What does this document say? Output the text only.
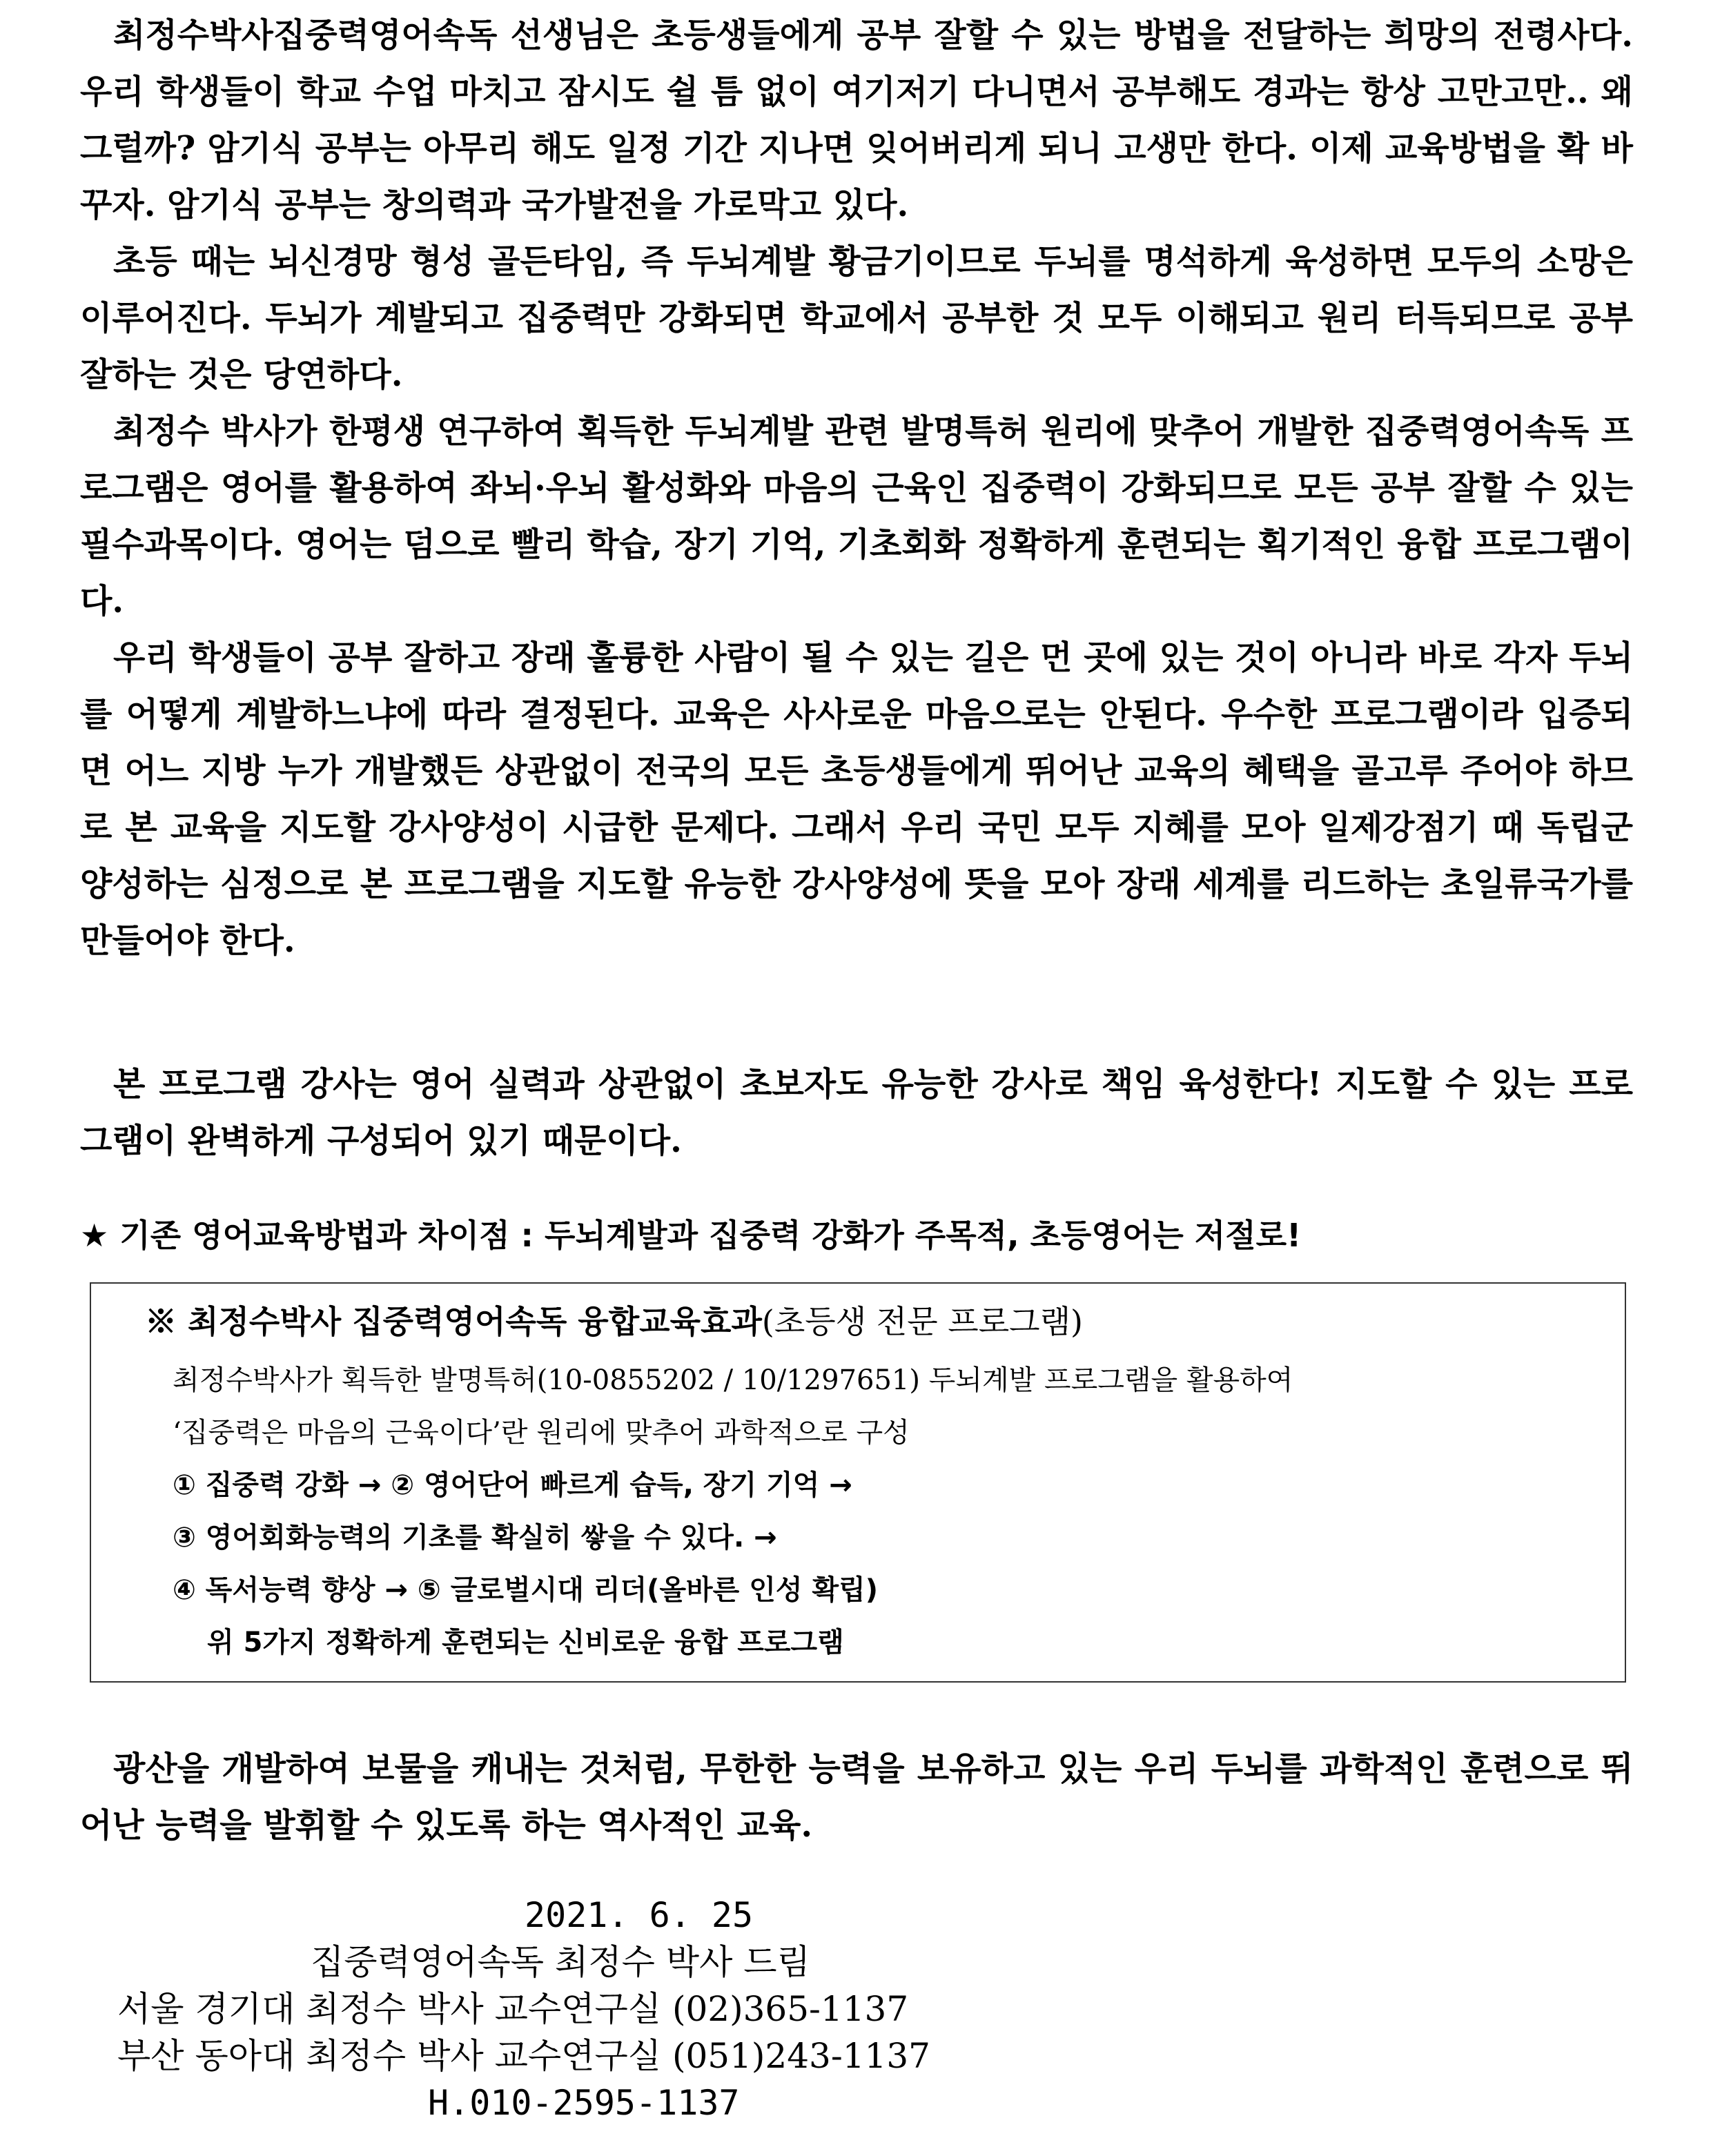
최정수박사집중력영어속독 선생님은 초등생들에게 공부 잘할 수 있는 방법을 전달하는 희망의 전령사다. 우리 학생들이 학교 수업 마치고 잠시도 쉴 틈 없이 여기저기 다니면서 공부해도 경과는 항상 고만고만.. 왜 그럴까? 암기식 공부는 아무리 해도 일정 기간 지나면 잊어버리게 되니 고생만 한다. 이제 교육방법을 확 바꾸자. 암기식 공부는 창의력과 국가발전을 가로막고 있다.

초등 때는 뇌신경망 형성 골든타임, 즉 두뇌계발 황금기이므로 두뇌를 명석하게 육성하면 모두의 소망은 이루어진다. 두뇌가 계발되고 집중력만 강화되면 학교에서 공부한 것 모두 이해되고 원리 터득되므로 공부 잘하는 것은 당연하다.

최정수 박사가 한평생 연구하여 획득한 두뇌계발 관련 발명특허 원리에 맞추어 개발한 집중력영어속독 프로그램은 영어를 활용하여 좌뇌·우뇌 활성화와 마음의 근육인 집중력이 강화되므로 모든 공부 잘할 수 있는 필수과목이다. 영어는 덤으로 빨리 학습, 장기 기억, 기초회화 정확하게 훈련되는 획기적인 융합 프로그램이다.

우리 학생들이 공부 잘하고 장래 훌륭한 사람이 될 수 있는 길은 먼 곳에 있는 것이 아니라 바로 각자 두뇌를 어떻게 계발하느냐에 따라 결정된다. 교육은 사사로운 마음으로는 안된다. 우수한 프로그램이라 입증되면 어느 지방 누가 개발했든 상관없이 전국의 모든 초등생들에게 뛰어난 교육의 혜택을 골고루 주어야 하므로 본 교육을 지도할 강사양성이 시급한 문제다. 그래서 우리 국민 모두 지혜를 모아 일제강점기 때 독립군 양성하는 심정으로 본 프로그램을 지도할 유능한 강사양성에 뜻을 모아 장래 세계를 리드하는 초일류국가를 만들어야 한다.

본 프로그램 강사는 영어 실력과 상관없이 초보자도 유능한 강사로 책임 육성한다! 지도할 수 있는 프로그램이 완벽하게 구성되어 있기 때문이다.

★ 기존 영어교육방법과 차이점 : 두뇌계발과 집중력 강화가 주목적, 초등영어는 저절로!
※ 최정수박사 집중력영어속독 융합교육효과(초등생 전문 프로그램)
최정수박사가 획득한 발명특허(10-0855202 / 10/1297651) 두뇌계발 프로그램을 활용하여
‘집중력은 마음의 근육이다’란 원리에 맞추어 과학적으로 구성
① 집중력 강화 → ② 영어단어 빠르게 습득, 장기 기억 →
③ 영어회화능력의 기초를 확실히 쌓을 수 있다. →
④ 독서능력 향상 → ⑤ 글로벌시대 리더(올바른 인성 확립)
위 5가지 정확하게 훈련되는 신비로운 융합 프로그램

광산을 개발하여 보물을 캐내는 것처럼, 무한한 능력을 보유하고 있는 우리 두뇌를 과학적인 훈련으로 뛰어난 능력을 발휘할 수 있도록 하는 역사적인 교육.

2021. 6. 25
집중력영어속독 최정수 박사 드림
서울 경기대 최정수 박사 교수연구실 (02)365-1137
부산 동아대 최정수 박사 교수연구실 (051)243-1137
H.010-2595-1137
